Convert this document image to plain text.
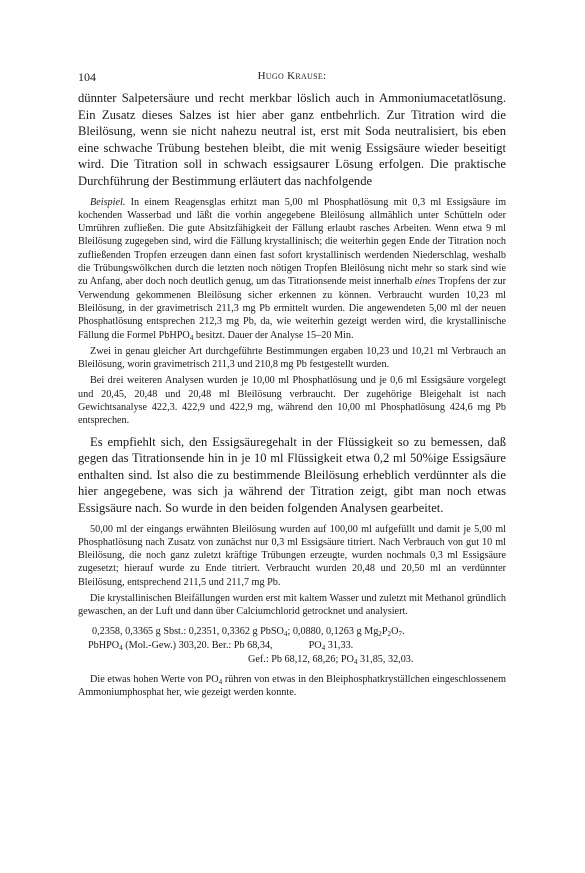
104	Hugo Krause:

dünnter Salpetersäure und recht merkbar löslich auch in Ammoniumacetatlösung. Ein Zusatz dieses Salzes ist hier aber ganz entbehrlich. Zur Titration wird die Bleilösung, wenn sie nicht nahezu neutral ist, erst mit Soda neutralisiert, bis eben eine schwache Trübung bestehen bleibt, die mit wenig Essigsäure wieder beseitigt wird. Die Titration soll in schwach essigsaurer Lösung erfolgen. Die praktische Durchführung der Bestimmung erläutert das nachfolgende

Beispiel. In einem Reagensglas erhitzt man 5,00 ml Phosphatlösung mit 0,3 ml Essigsäure im kochenden Wasserbad und läßt die vorhin angegebene Bleilösung allmählich unter Schütteln oder Umrühren zufließen. Die gute Absitzfähigkeit der Fällung erlaubt rasches Arbeiten. Wenn etwa 9 ml Bleilösung zugegeben sind, wird die Fällung krystallinisch; die weiterhin gegen Ende der Titration noch zufließenden Tropfen erzeugen dann einen fast sofort krystallinisch werdenden Niederschlag, weshalb die Trübungswölkchen durch die letzten noch nötigen Tropfen Bleilösung nicht mehr so stark sind wie zu Anfang, aber doch noch deutlich genug, um das Titrationsende meist innerhalb eines Tropfens der zur Verwendung gekommenen Bleilösung sicher erkennen zu können. Verbraucht wurden 10,23 ml Bleilösung, in der gravimetrisch 211,3 mg Pb ermittelt wurden. Die angewendeten 5,00 ml der neuen Phosphatlösung entsprechen 212,3 mg Pb, da, wie weiterhin gezeigt werden wird, die krystallinische Fällung die Formel PbHPO$_4$ besitzt. Dauer der Analyse 15–20 Min.

Zwei in genau gleicher Art durchgeführte Bestimmungen ergaben 10,23 und 10,21 ml Verbrauch an Bleilösung, worin gravimetrisch 211,3 und 210,8 mg Pb festgestellt wurden.

Bei drei weiteren Analysen wurden je 10,00 ml Phosphatlösung und je 0,6 ml Essigsäure vorgelegt und 20,45, 20,48 und 20,48 ml Bleilösung verbraucht. Der zugehörige Bleigehalt ist nach Gewichtsanalyse 422,3. 422,9 und 422,9 mg, während den 10,00 ml Phosphatlösung 424,6 mg Pb entsprechen.

Es empfiehlt sich, den Essigsäuregehalt in der Flüssigkeit so zu bemessen, daß gegen das Titrationsende hin in je 10 ml Flüssigkeit etwa 0,2 ml 50%ige Essigsäure enthalten sind. Ist also die zu bestimmende Bleilösung erheblich verdünnter als die hier angegebene, was sich ja während der Titration zeigt, gibt man noch etwas Essigsäure nach. So wurde in den beiden folgenden Analysen gearbeitet.

50,00 ml der eingangs erwähnten Bleilösung wurden auf 100,00 ml aufgefüllt und damit je 5,00 ml Phosphatlösung nach Zusatz von zunächst nur 0,3 ml Essigsäure titriert. Nach Verbrauch von gut 10 ml Bleilösung, die noch ganz zuletzt kräftige Trübungen erzeugte, wurden nochmals 0,3 ml Essigsäure zugesetzt; hierauf wurde zu Ende titriert. Verbraucht wurden 20,48 und 20,50 ml an verdünnter Bleilösung, entsprechend 211,5 und 211,7 mg Pb.

Die krystallinischen Bleifällungen wurden erst mit kaltem Wasser und zuletzt mit Methanol gründlich gewaschen, an der Luft und dann über Calciumchlorid getrocknet und analysiert.

0,2358, 0,3365 g Sbst.: 0,2351, 0,3362 g PbSO$_4$; 0,0880, 0,1263 g $Mg_2P_2O_7$.
PbHPO$_4$ (Mol.-Gew.) 303,20. Ber.: Pb 68,34,	$PO_4$ 31,33.
Gef.: Pb 68,12, 68,26; $PO_4$ 31,85, 32,03.

Die etwas hohen Werte von $PO_4$ rühren von etwas in den Bleiphosphatkryställchen eingeschlossenem Ammoniumphosphat her, wie gezeigt werden konnte.
